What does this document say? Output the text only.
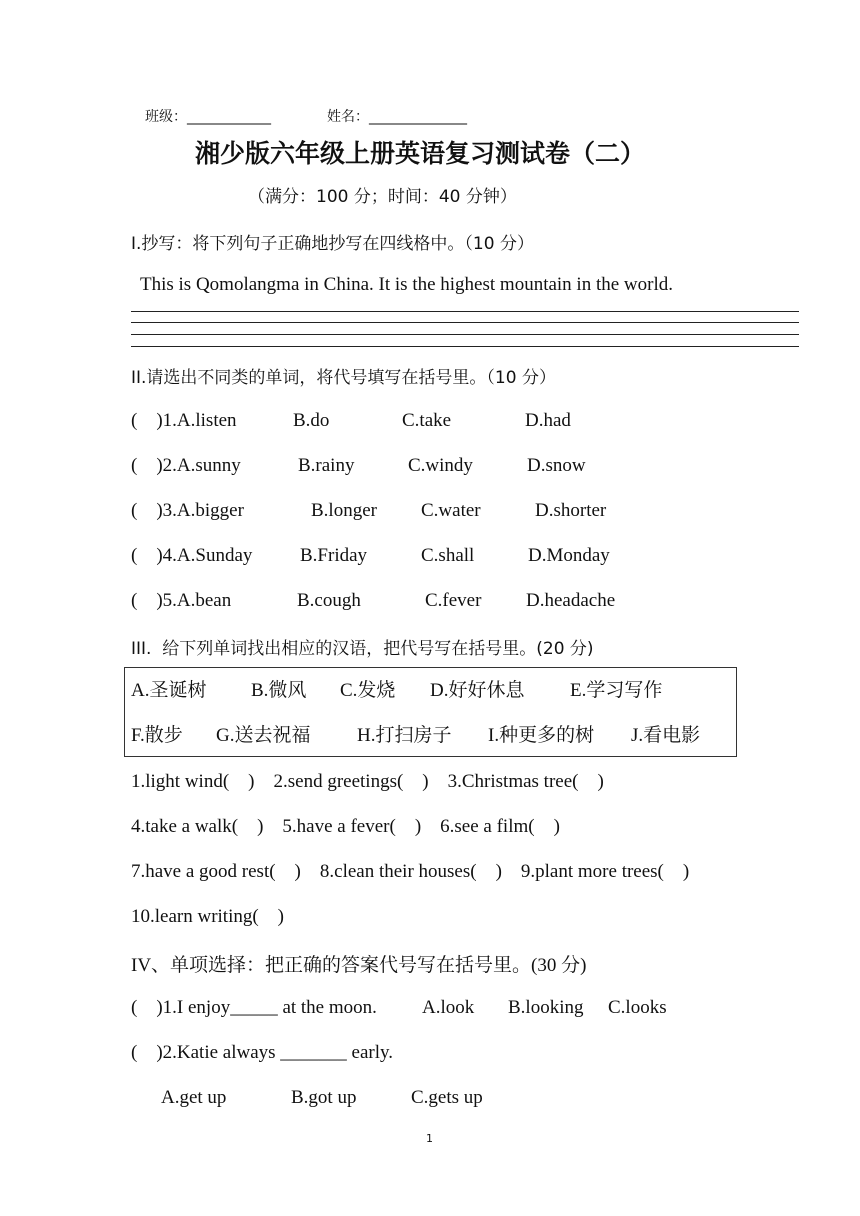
班级：____________	姓名：______________
湘少版六年级上册英语复习测试卷（二）
（满分：100 分；时间：40 分钟）
I.抄写：将下列句子正确地抄写在四线格中。（10 分）
This is Qomolangma in China. It is the highest mountain in the world.
II.请选出不同类的单词，将代号填写在括号里。（10 分）
(    )1.A.listen	B.do	C.take	D.had
(    )2.A.sunny	B.rainy	C.windy	D.snow
(    )3.A.bigger	B.longer C.water	D.shorter
(    )4.A.Sunday	B.Friday	C.shall	D.Monday
(    )5.A.bean	B.cough	C.fever D.headache
III.  给下列单词找出相应的汉语，把代号写在括号里。(20 分)
A.圣诞树 B.微风 C.发烧 D.好好休息 E.学习写作
F.散步 G.送去祝福 H.打扫房子 I.种更多的树 J.看电影
1.light wind(    )    2.send greetings(    )    3.Christmas tree(    )
4.take a walk(    )    5.have a fever(    )    6.see a film(    )
7.have a good rest(    )    8.clean their houses(    )    9.plant more trees(    )
10.learn writing(    )
IV、单项选择：把正确的答案代号写在括号里。(30 分)
(    )1.I enjoy_____ at the moon. A.look B.looking C.looks
(    )2.Katie always _______ early.
A.get up	B.got up	C.gets up
1
